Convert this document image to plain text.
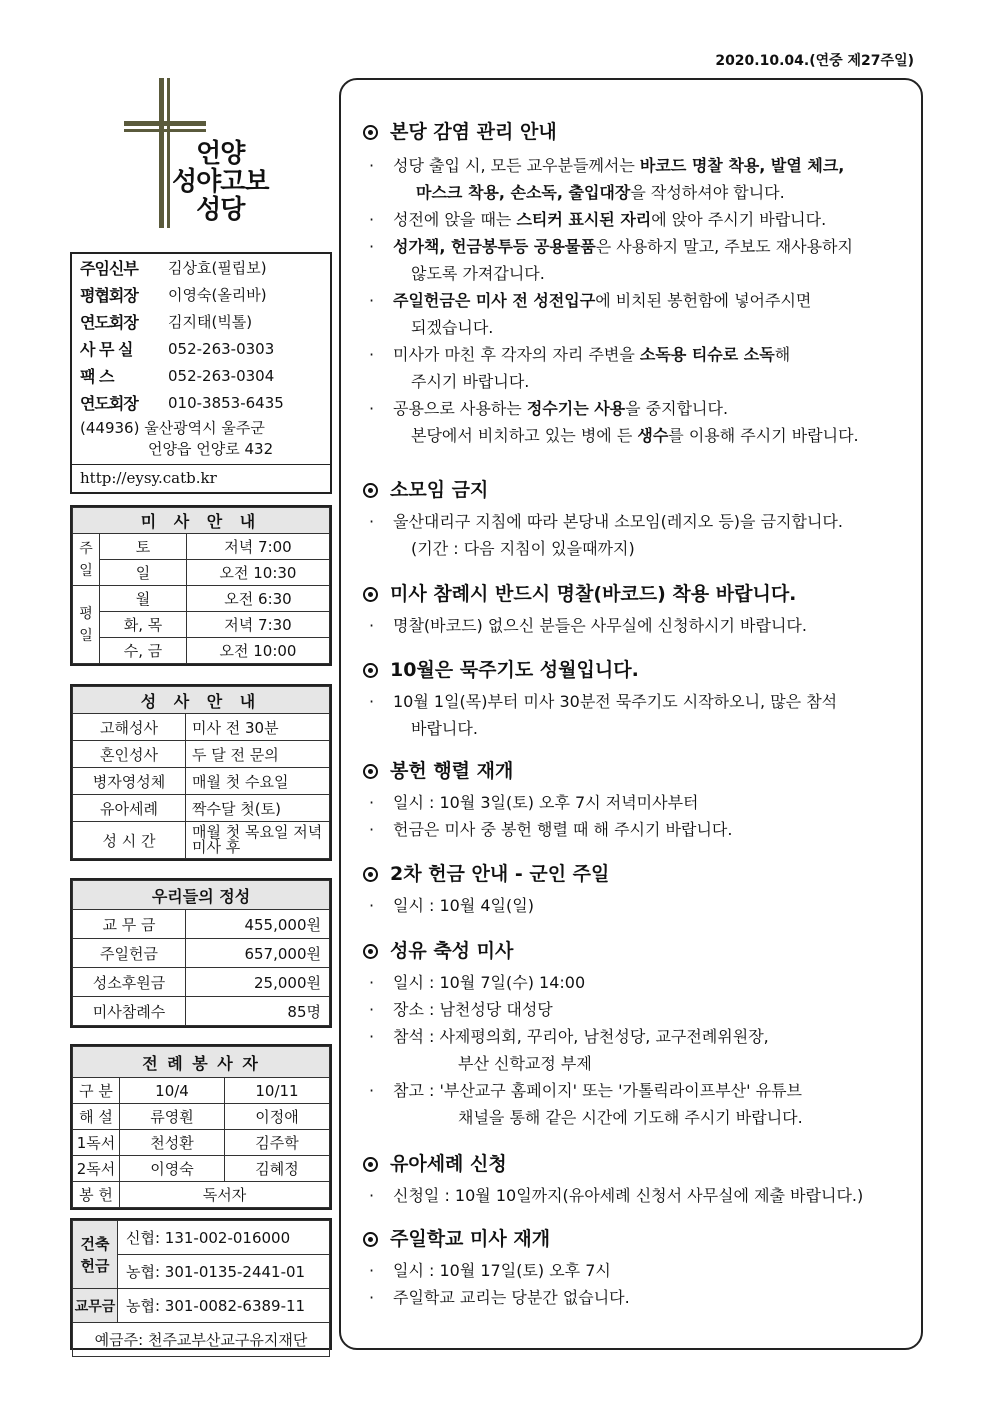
2020.10.04.(연중 제27주일)
언양
성야고보
성당
주임신부	김상효(필립보)
평협회장	이영숙(올리바)
연도회장	김지태(빅톨)
사 무 실	052-263-0303
팩 스	052-263-0304
연도회장	010-3853-6435
(44936) 울산광역시 울주군
언양읍 언양로 432
http://eysy.catb.kr
미 사 안 내		
주
일	토	저녁 7:00
	일	오전 10:30
평
일	월	오전 6:30
	화, 목	저녁 7:30
	수, 금	오전 10:00
성 사 안 내	
고해성사	미사 전 30분
혼인성사	두 달 전 문의
병자영성체	매월 첫 수요일
유아세례	짝수달 첫(토)
성 시 간	매월 첫 목요일 저녁미사 후
우리들의 정성	
교 무 금	455,000원
주일헌금	657,000원
성소후원금	25,000원
미사참례수	85명
전 례 봉 사 자		
구 분	10/4	10/11
해 설	류영훤	이정애
1독서	천성환	김주학
2독서	이영숙	김혜정
봉 헌	독서자	
건축헌금	신협: 131-002-016000
	농협: 301-0135-2441-01
교무금	농협: 301-0082-6389-11
예금주: 천주교부산교구유지재단	
본당 감염 관리 안내
· 성당 출입 시, 모든 교우분들께서는 바코드 명찰 착용, 발열 체크,
마스크 착용, 손소독, 출입대장을 작성하셔야 합니다.
· 성전에 앉을 때는 스티커 표시된 자리에 앉아 주시기 바랍니다.
· 성가책, 헌금봉투등 공용물품은 사용하지 말고, 주보도 재사용하지
않도록 가져갑니다.
· 주일헌금은 미사 전 성전입구에 비치된 봉헌함에 넣어주시면
되겠습니다.
· 미사가 마친 후 각자의 자리 주변을 소독용 티슈로 소독해
주시기 바랍니다.
· 공용으로 사용하는 정수기는 사용을 중지합니다.
본당에서 비치하고 있는 병에 든 생수를 이용해 주시기 바랍니다.
소모임 금지
· 울산대리구 지침에 따라 본당내 소모임(레지오 등)을 금지합니다.
(기간 : 다음 지침이 있을때까지)
미사 참례시 반드시 명찰(바코드) 착용 바랍니다.
· 명찰(바코드) 없으신 분들은 사무실에 신청하시기 바랍니다.
10월은 묵주기도 성월입니다.
· 10월 1일(목)부터 미사 30분전 묵주기도 시작하오니, 많은 참석
바랍니다.
봉헌 행렬 재개
· 일시 : 10월 3일(토) 오후 7시 저녁미사부터
· 헌금은 미사 중 봉헌 행렬 때 해 주시기 바랍니다.
2차 헌금 안내 - 군인 주일
· 일시 : 10월 4일(일)
성유 축성 미사
· 일시 : 10월 7일(수) 14:00
· 장소 : 남천성당 대성당
· 참석 : 사제평의회, 꾸리아, 남천성당, 교구전례위원장,
부산 신학교정 부제
· 참고 : '부산교구 홈페이지' 또는 '가톨릭라이프부산' 유튜브
채널을 통해 같은 시간에 기도해 주시기 바랍니다.
유아세례 신청
· 신청일 : 10월 10일까지(유아세례 신청서 사무실에 제출 바랍니다.)
주일학교 미사 재개
· 일시 : 10월 17일(토) 오후 7시
· 주일학교 교리는 당분간 없습니다.
